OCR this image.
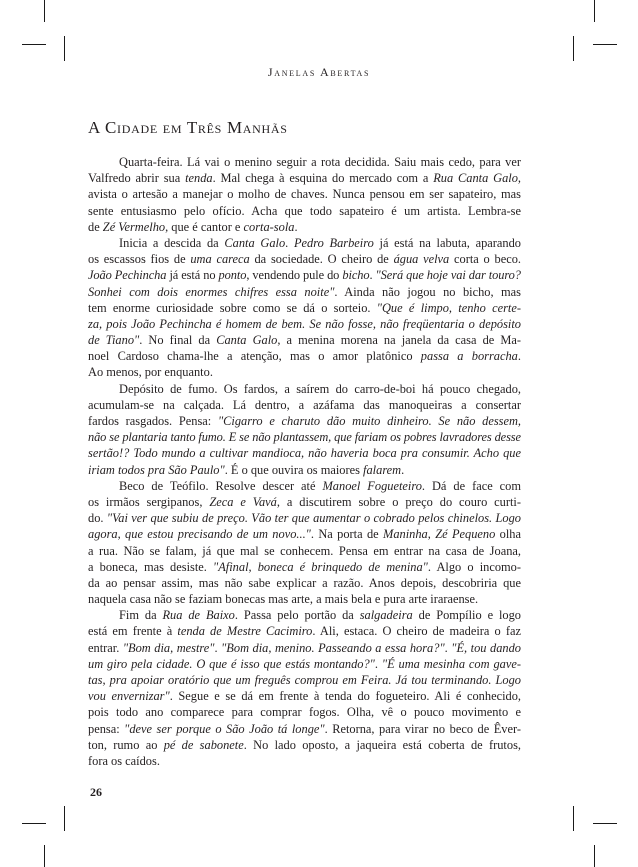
Janelas Abertas
A Cidade em Três Manhãs
Quarta-feira. Lá vai o menino seguir a rota decidida. Saiu mais cedo, para ver
Valfredo abrir sua tenda. Mal chega à esquina do mercado com a Rua Canta Galo,
avista o artesão a manejar o molho de chaves. Nunca pensou em ser sapateiro, mas
sente entusiasmo pelo ofício. Acha que todo sapateiro é um artista. Lembra-se
de Zé Vermelho, que é cantor e corta-sola.
Inicia a descida da Canta Galo. Pedro Barbeiro já está na labuta, aparando
os escassos fios de uma careca da sociedade. O cheiro de água velva corta o beco.
João Pechincha já está no ponto, vendendo pule do bicho. "Será que hoje vai dar touro?
Sonhei com dois enormes chifres essa noite". Ainda não jogou no bicho, mas
tem enorme curiosidade sobre como se dá o sorteio. "Que é limpo, tenho certe-
za, pois João Pechincha é homem de bem. Se não fosse, não freqüentaria o depósito
de Tiano". No final da Canta Galo, a menina morena na janela da casa de Ma-
noel Cardoso chama-lhe a atenção, mas o amor platônico passa a borracha.
Ao menos, por enquanto.
Depósito de fumo. Os fardos, a saírem do carro-de-boi há pouco chegado,
acumulam-se na calçada. Lá dentro, a azáfama das manoqueiras a consertar
fardos rasgados. Pensa: "Cigarro e charuto dão muito dinheiro. Se não dessem,
não se plantaria tanto fumo. E se não plantassem, que fariam os pobres lavradores desse
sertão!? Todo mundo a cultivar mandioca, não haveria boca pra consumir. Acho que
iriam todos pra São Paulo". É o que ouvira os maiores falarem.
Beco de Teófilo. Resolve descer até Manoel Fogueteiro. Dá de face com
os irmãos sergipanos, Zeca e Vavá, a discutirem sobre o preço do couro curti-
do. "Vai ver que subiu de preço. Vão ter que aumentar o cobrado pelos chinelos. Logo
agora, que estou precisando de um novo...". Na porta de Maninha, Zé Pequeno olha
a rua. Não se falam, já que mal se conhecem. Pensa em entrar na casa de Joana,
a boneca, mas desiste. "Afinal, boneca é brinquedo de menina". Algo o incomo-
da ao pensar assim, mas não sabe explicar a razão. Anos depois, descobriria que
naquela casa não se faziam bonecas mas arte, a mais bela e pura arte iraraense.
Fim da Rua de Baixo. Passa pelo portão da salgadeira de Pompílio e logo
está em frente à tenda de Mestre Cacimiro. Ali, estaca. O cheiro de madeira o faz
entrar. "Bom dia, mestre". "Bom dia, menino. Passeando a essa hora?". "É, tou dando
um giro pela cidade. O que é isso que estás montando?". "É uma mesinha com gave-
tas, pra apoiar oratório que um freguês comprou em Feira. Já tou terminando. Logo
vou envernizar". Segue e se dá em frente à tenda do fogueteiro. Ali é conhecido,
pois todo ano comparece para comprar fogos. Olha, vê o pouco movimento e
pensa: "deve ser porque o São João tá longe". Retorna, para virar no beco de Êver-
ton, rumo ao pé de sabonete. No lado oposto, a jaqueira está coberta de frutos,
fora os caídos.
26
